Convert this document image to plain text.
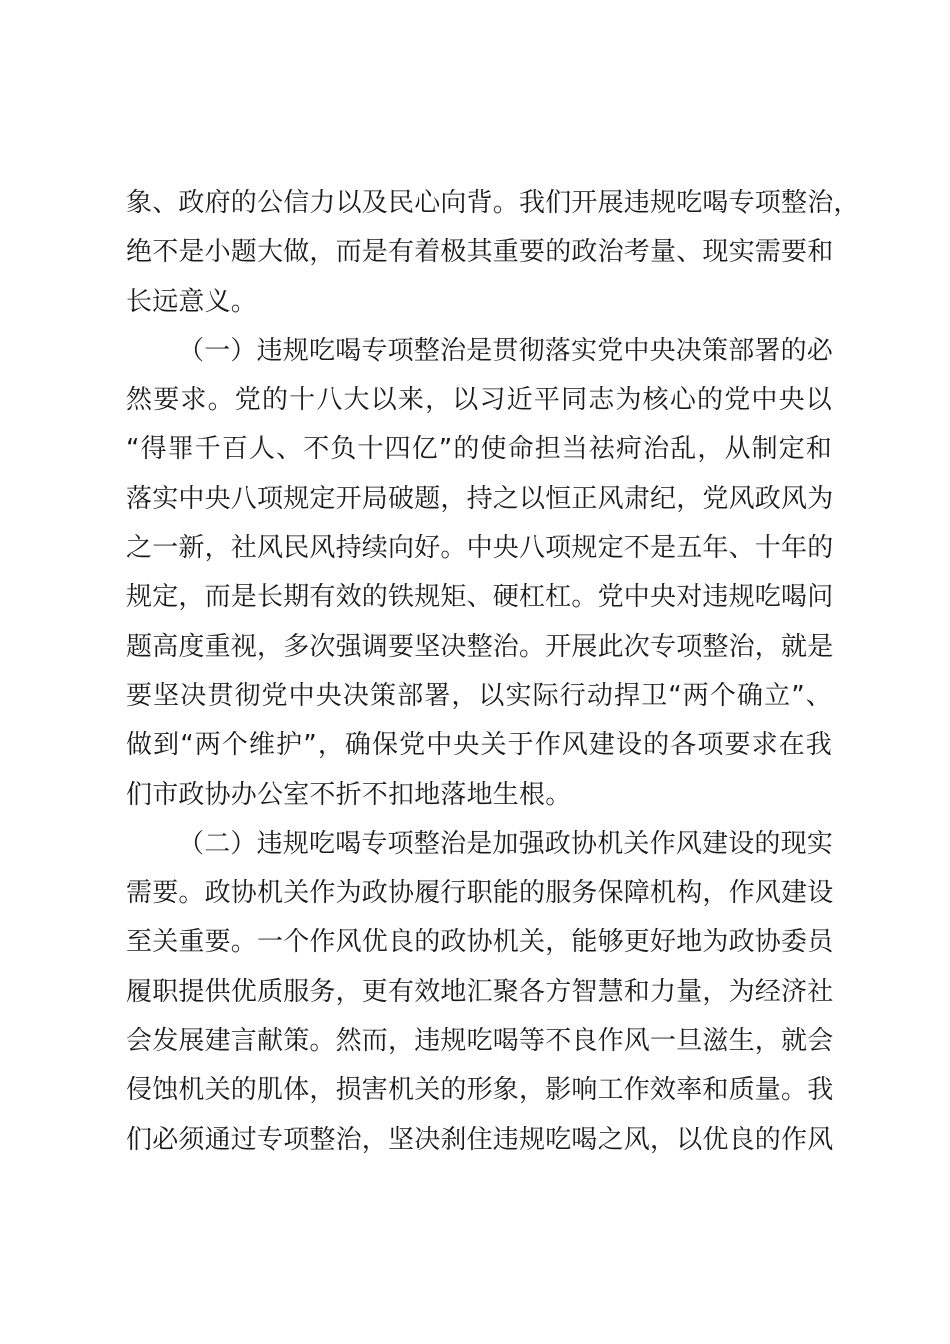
象、政府的公信力以及民心向背。我们开展违规吃喝专项整治，
绝不是小题大做，而是有着极其重要的政治考量、现实需要和
长远意义。
（一）违规吃喝专项整治是贯彻落实党中央决策部署的必
然要求。党的十八大以来，以习近平同志为核心的党中央以
“得罪千百人、不负十四亿”的使命担当祛疴治乱，从制定和
落实中央八项规定开局破题，持之以恒正风肃纪，党风政风为
之一新，社风民风持续向好。中央八项规定不是五年、十年的
规定，而是长期有效的铁规矩、硬杠杠。党中央对违规吃喝问
题高度重视，多次强调要坚决整治。开展此次专项整治，就是
要坚决贯彻党中央决策部署，以实际行动捍卫“两个确立”、
做到“两个维护”，确保党中央关于作风建设的各项要求在我
们市政协办公室不折不扣地落地生根。
（二）违规吃喝专项整治是加强政协机关作风建设的现实
需要。政协机关作为政协履行职能的服务保障机构，作风建设
至关重要。一个作风优良的政协机关，能够更好地为政协委员
履职提供优质服务，更有效地汇聚各方智慧和力量，为经济社
会发展建言献策。然而，违规吃喝等不良作风一旦滋生，就会
侵蚀机关的肌体，损害机关的形象，影响工作效率和质量。我
们必须通过专项整治，坚决刹住违规吃喝之风，以优良的作风
